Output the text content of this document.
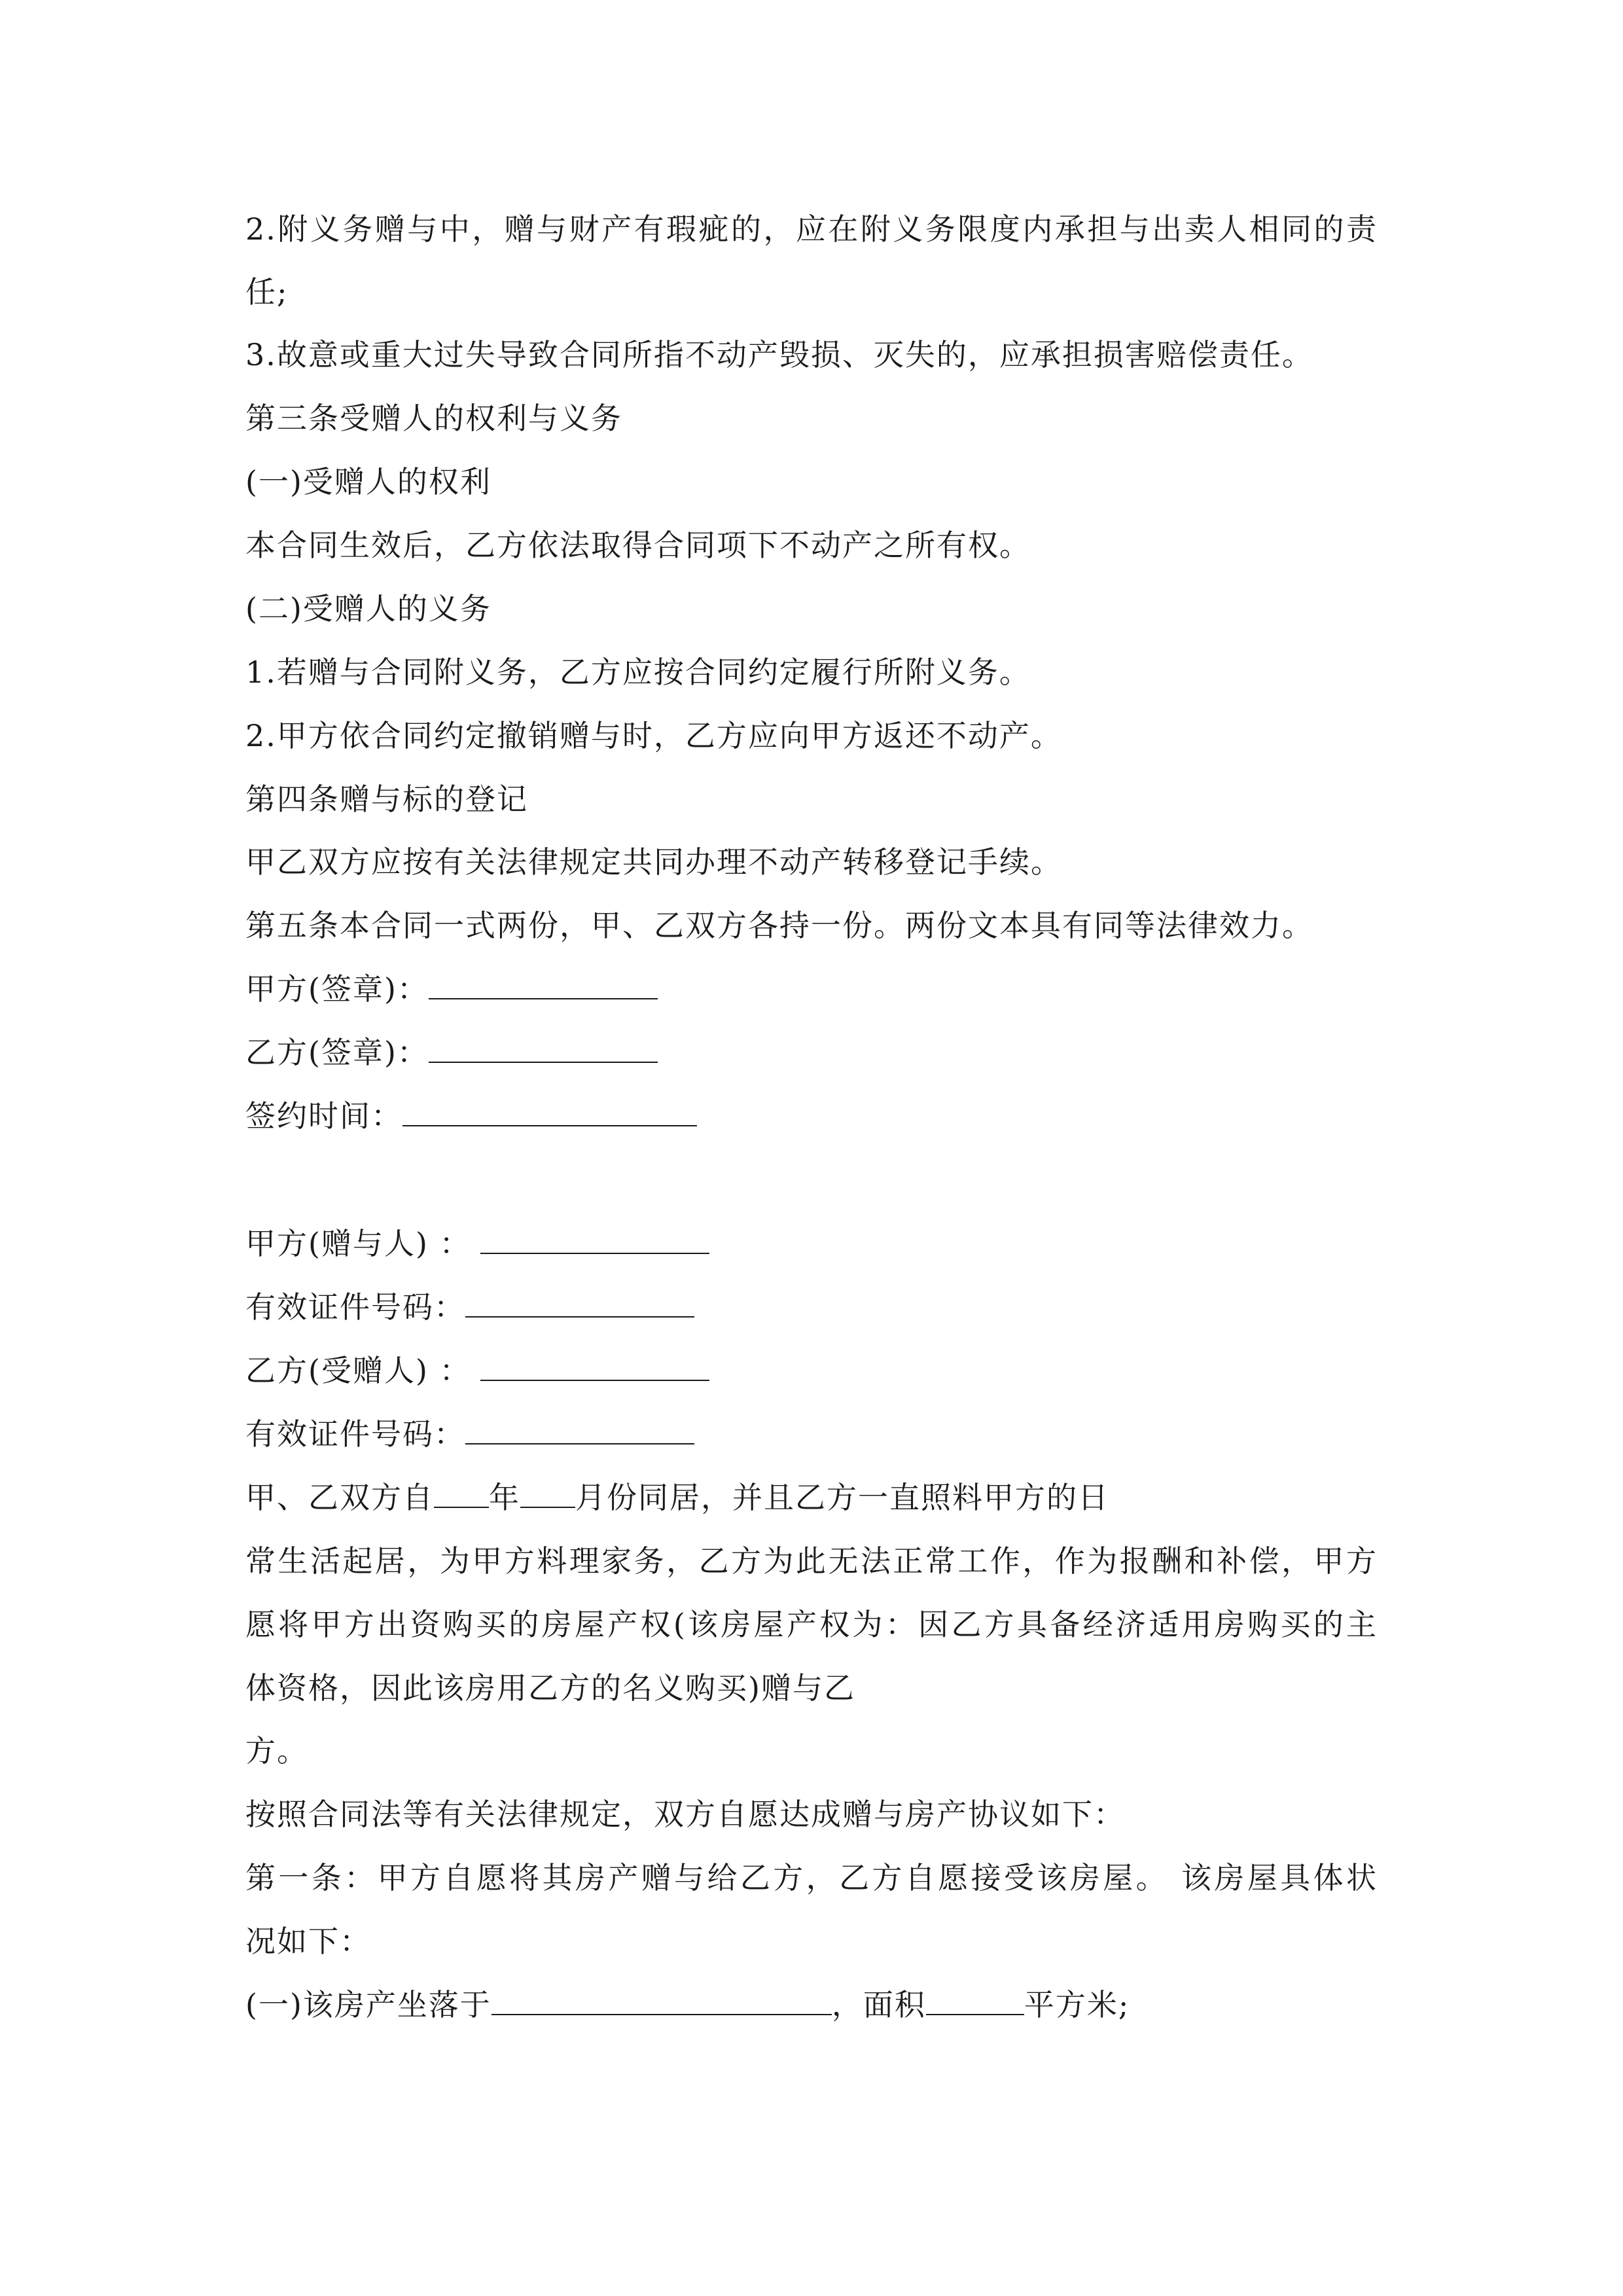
2.附义务赠与中，赠与财产有瑕疵的，应在附义务限度内承担与出卖人相同的责
任;
3.故意或重大过失导致合同所指不动产毁损、灭失的，应承担损害赔偿责任。
第三条受赠人的权利与义务
(一)受赠人的权利
本合同生效后，乙方依法取得合同项下不动产之所有权。
(二)受赠人的义务
1.若赠与合同附义务，乙方应按合同约定履行所附义务。
2.甲方依合同约定撤销赠与时，乙方应向甲方返还不动产。
第四条赠与标的登记
甲乙双方应按有关法律规定共同办理不动产转移登记手续。
第五条本合同一式两份，甲、乙双方各持一份。两份文本具有同等法律效力。
甲方(签章)：
乙方(签章)：
签约时间：
甲方(赠与人) ：
有效证件号码：
乙方(受赠人) ：
有效证件号码：
甲、乙双方自 年 月份同居，并且乙方一直照料甲方的日
常生活起居，为甲方料理家务，乙方为此无法正常工作，作为报酬和补偿，甲方
愿将甲方出资购买的房屋产权(该房屋产权为：因乙方具备经济适用房购买的主
体资格，因此该房用乙方的名义购买)赠与乙
方。
按照合同法等有关法律规定，双方自愿达成赠与房产协议如下：
第一条：甲方自愿将其房产赠与给乙方，乙方自愿接受该房屋。 该房屋具体状
况如下：
(一)该房产坐落于	，面积	平方米;
